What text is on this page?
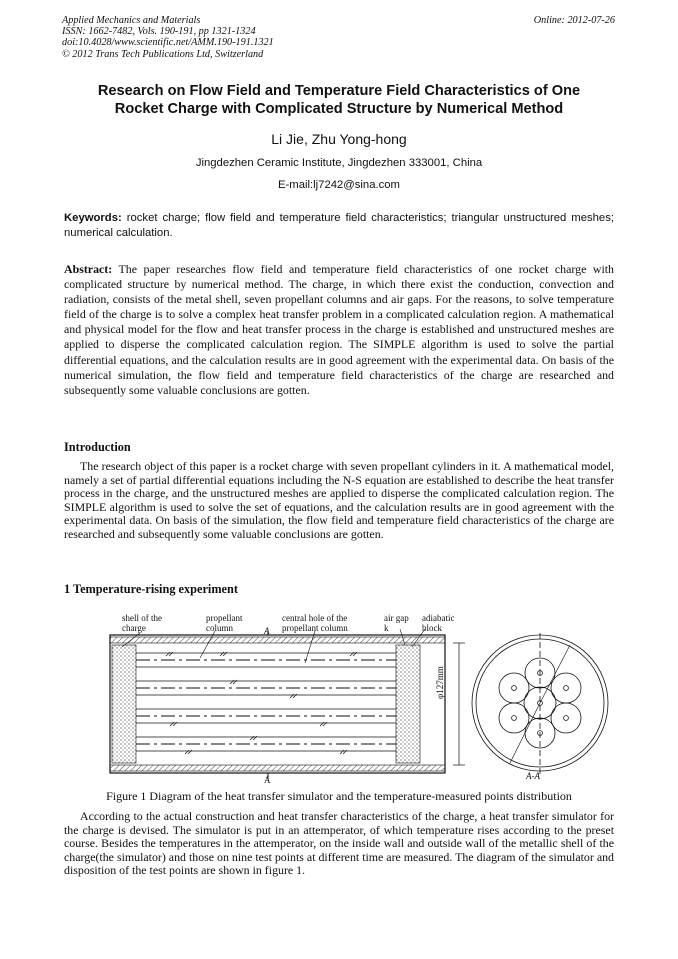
Applied Mechanics and Materials
ISSN: 1662-7482, Vols. 190-191, pp 1321-1324
doi:10.4028/www.scientific.net/AMM.190-191.1321
© 2012 Trans Tech Publications Ltd, Switzerland
Online: 2012-07-26
Research on Flow Field and Temperature Field Characteristics of One
Rocket Charge with Complicated Structure by Numerical Method
Li Jie, Zhu Yong-hong
Jingdezhen Ceramic Institute, Jingdezhen 333001, China
E-mail:lj7242@sina.com
Keywords: rocket charge; flow field and temperature field characteristics; triangular unstructured meshes; numerical calculation.
Abstract: The paper researches flow field and temperature field characteristics of one rocket charge with complicated structure by numerical method. The charge, in which there exist the conduction, convection and radiation, consists of the metal shell, seven propellant columns and air gaps. For the reasons, to solve temperature field of the charge is to solve a complex heat transfer problem in a complicated calculation region. A mathematical and physical model for the flow and heat transfer process in the charge is established and unstructured meshes are applied to disperse the complicated calculation region. The SIMPLE algorithm is used to solve the partial differential equations, and the calculation results are in good agreement with the experimental data. On basis of the numerical simulation, the flow field and temperature field characteristics of the charge are researched and subsequently some valuable conclusions are gotten.
Introduction
The research object of this paper is a rocket charge with seven propellant cylinders in it. A mathematical model, namely a set of partial differential equations including the N-S equation are established to describe the heat transfer process in the charge, and the unstructured meshes are applied to disperse the complicated calculation region. The SIMPLE algorithm is used to solve the set of equations, and the calculation results are in good agreement with the experimental data. On basis of the simulation, the flow field and temperature field characteristics of the charge are researched and subsequently some valuable conclusions are gotten.
1 Temperature-rising experiment
shell of the
charge
propellant
column
central hole of the
propellant column
air gap
k
adiabatic
block
A
A
φ127mm
A-A
Figure 1 Diagram of the heat transfer simulator and the temperature-measured points distribution
According to the actual construction and heat transfer characteristics of the charge, a heat transfer simulator for the charge is devised. The simulator is put in an attemperator, of which temperature rises according to the preset course. Besides the temperatures in the attemperator, on the inside wall and outside wall of the metallic shell of the charge(the simulator) and those on nine test points at different time are measured. The diagram of the simulator and disposition of the test points are shown in figure 1.
